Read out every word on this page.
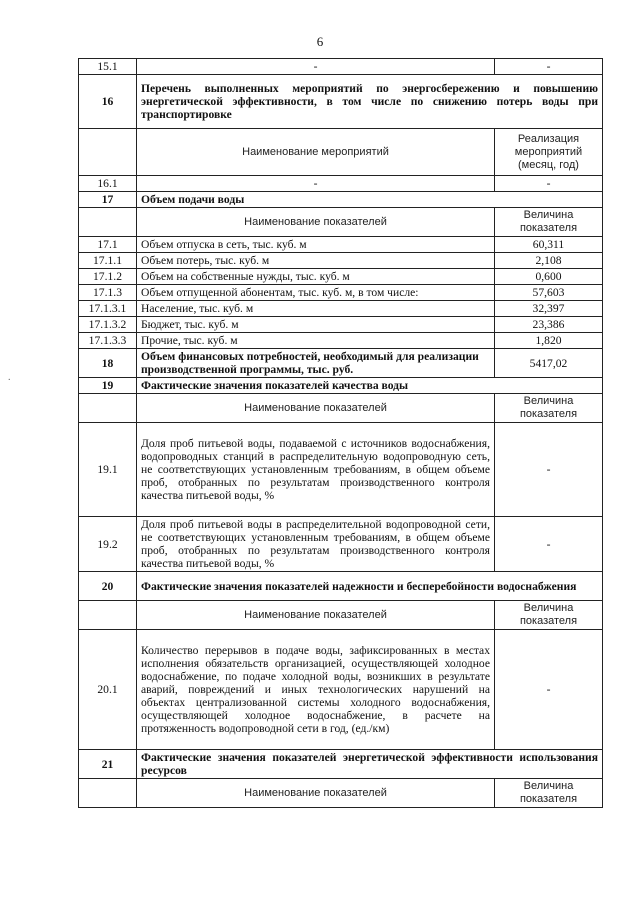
6
.
15.1	-	-
16	Перечень выполненных мероприятий по энергосбережению и повышению энергетической эффективности, в том числе по снижению потерь воды при транспортировке	
	Наименование мероприятий	Реализация мероприятий (месяц, год)
16.1	-	-
17	Объем подачи воды	
	Наименование показателей	Величина показателя
17.1	Объем отпуска в сеть, тыс. куб. м	60,311
17.1.1	Объем потерь, тыс. куб. м	2,108
17.1.2	Объем на собственные нужды, тыс. куб. м	0,600
17.1.3	Объем отпущенной абонентам, тыс. куб. м, в том числе:	57,603
17.1.3.1	Население, тыс. куб. м	32,397
17.1.3.2	Бюджет, тыс. куб. м	23,386
17.1.3.3	Прочие, тыс. куб. м	1,820
18	Объем финансовых потребностей, необходимый для реализации производственной программы, тыс. руб.	5417,02
19	Фактические значения показателей качества воды	
	Наименование показателей	Величина показателя
19.1	Доля проб питьевой воды, подаваемой с источников водоснабжения, водопроводных станций в распределительную водопроводную сеть, не соответствующих установленным требованиям, в общем объеме проб, отобранных по результатам производственного контроля качества питьевой воды, %	-
19.2	Доля проб питьевой воды в распределительной водопроводной сети, не соответствующих установленным требованиям, в общем объеме проб, отобранных по результатам производственного контроля качества питьевой воды, %	-
20	Фактические значения показателей надежности и бесперебойности водоснабжения	
	Наименование показателей	Величина показателя
20.1	Количество перерывов в подаче воды, зафиксированных в местах исполнения обязательств организацией, осуществляющей холодное водоснабжение, по подаче холодной воды, возникших в результате аварий, повреждений и иных технологических нарушений на объектах централизованной системы холодного водоснабжения, осуществляющей холодное водоснабжение, в расчете на протяженность водопроводной сети в год, (ед./км)	-
21	Фактические значения показателей энергетической эффективности использования ресурсов	
	Наименование показателей	Величина показателя
